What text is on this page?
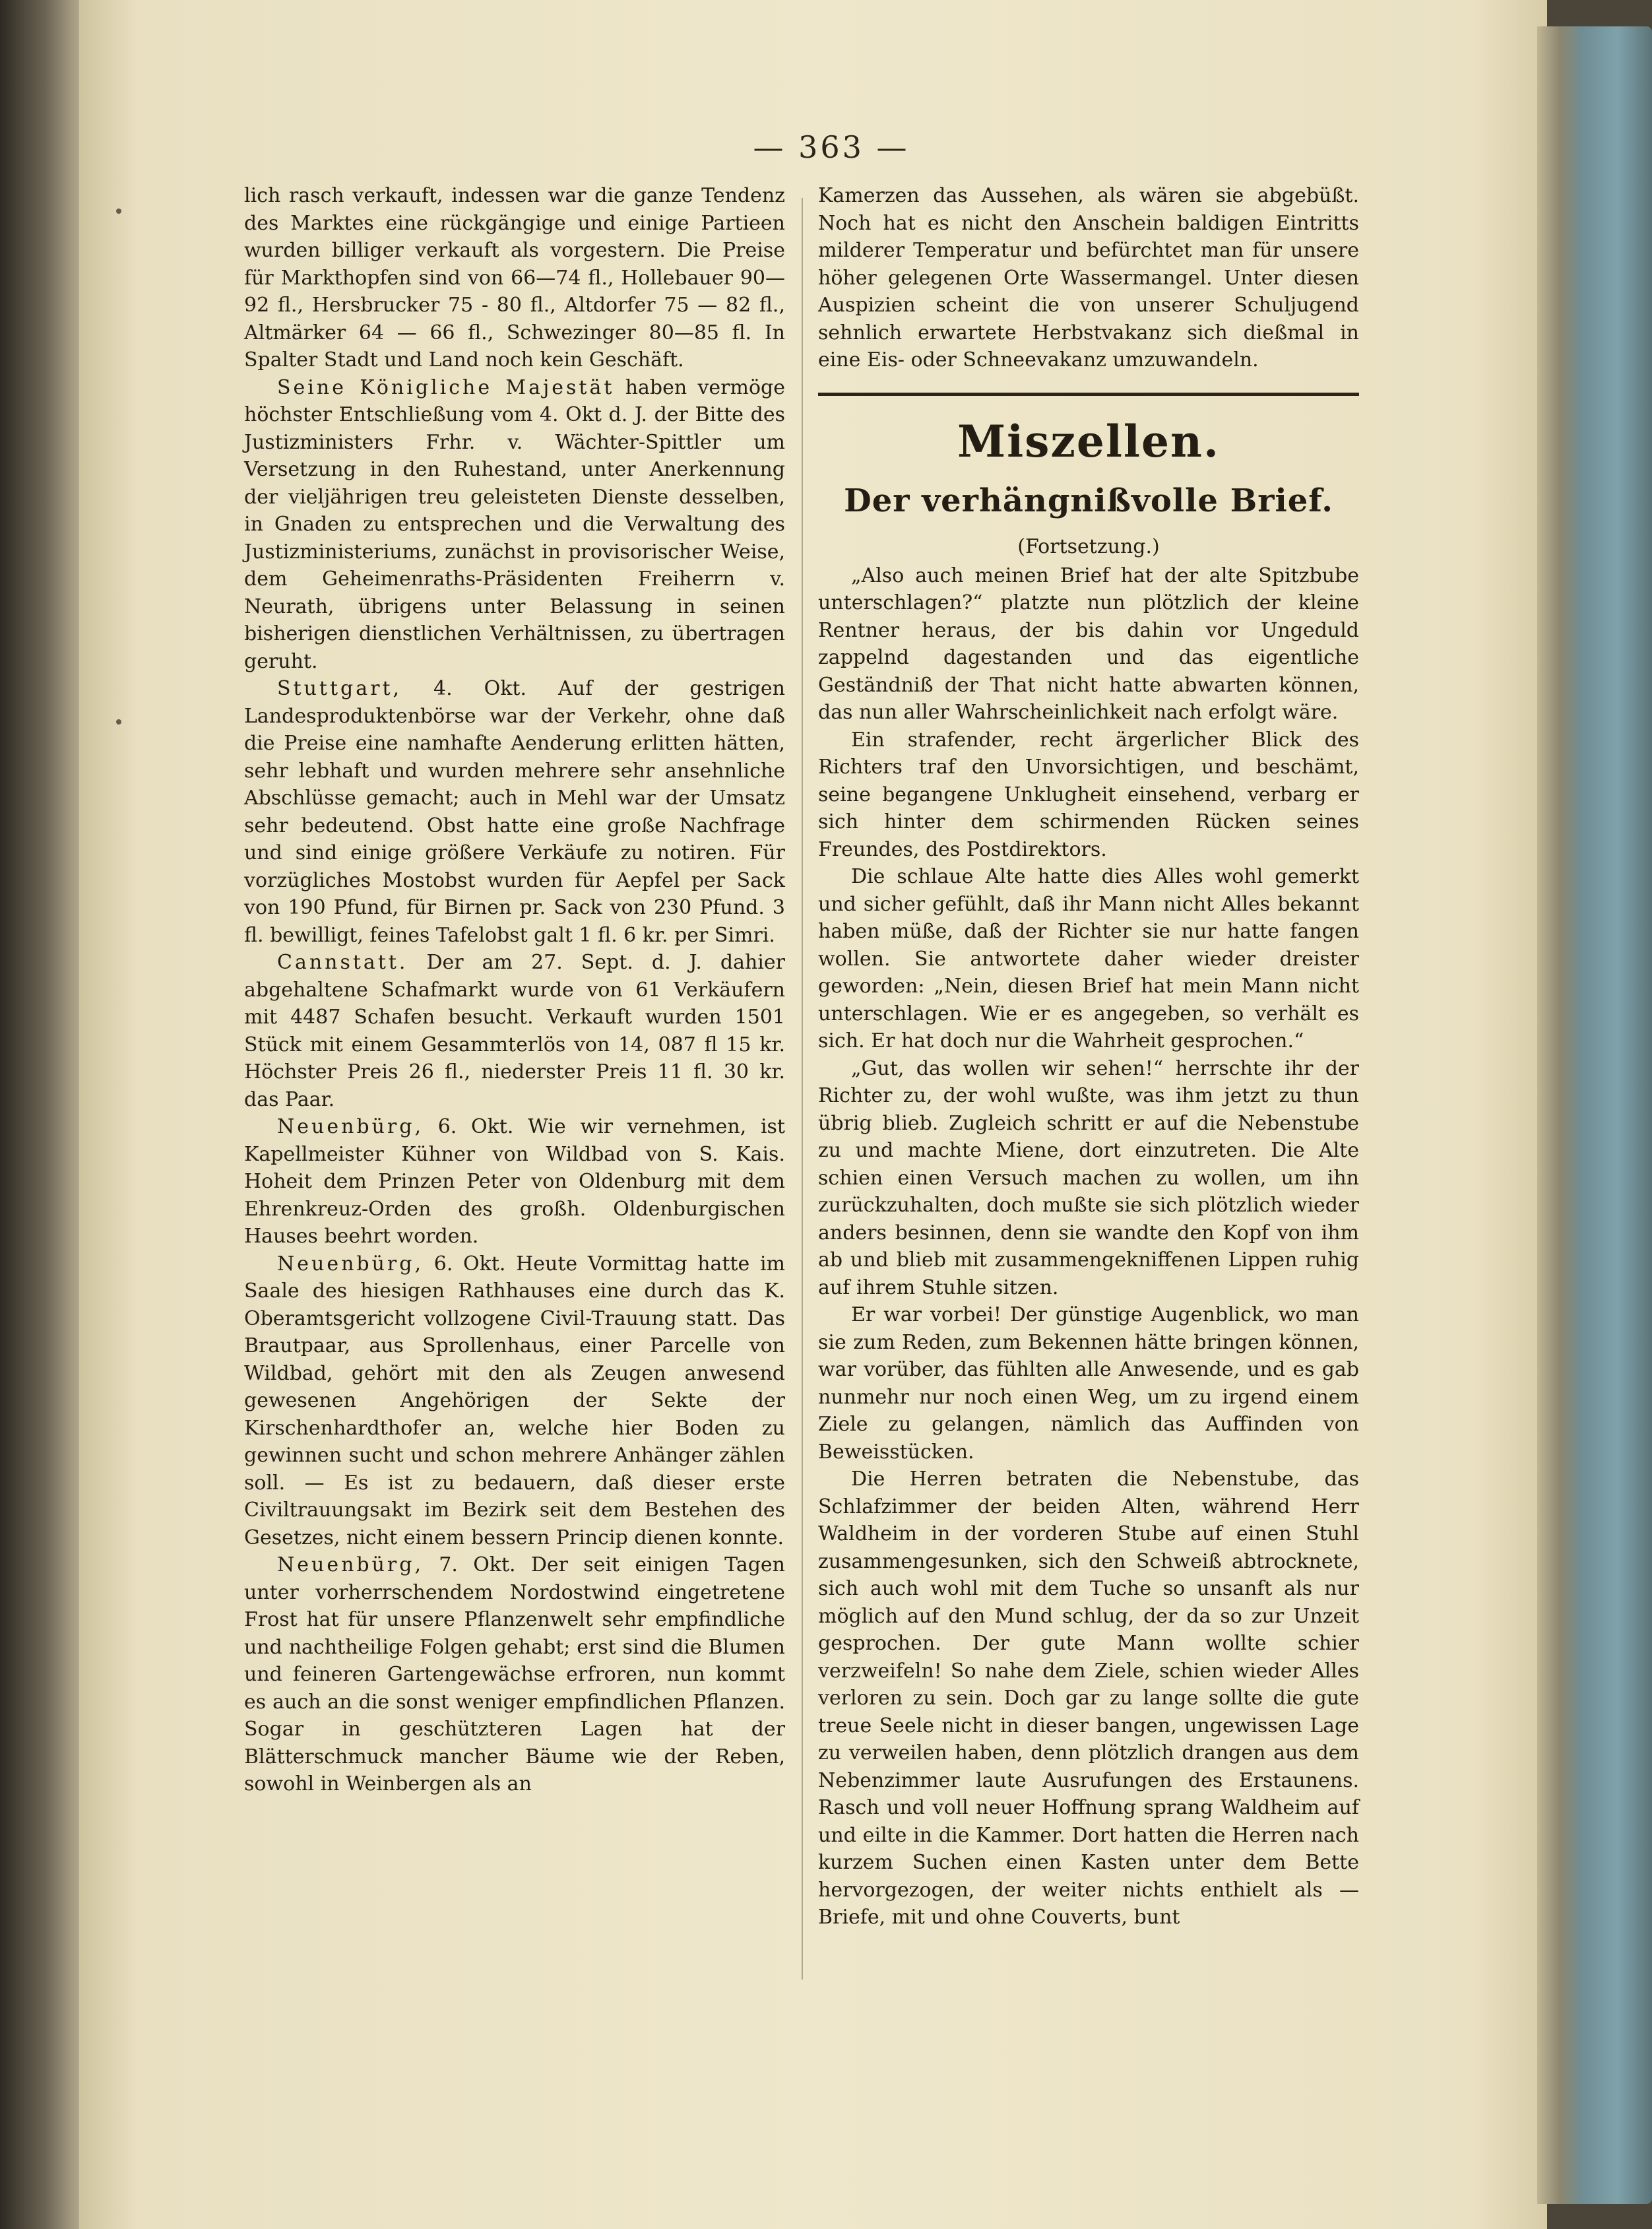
— 363 —

lich rasch verkauft, indessen war die ganze Tendenz des Marktes eine rückgängige und einige Partieen wurden billiger verkauft als vorgestern. Die Preise für Markthopfen sind von 66—74 fl., Hollebauer 90—92 fl., Hersbrucker 75 - 80 fl., Altdorfer 75 — 82 fl., Altmärker 64 — 66 fl., Schwezinger 80—85 fl. In Spalter Stadt und Land noch kein Geschäft.

Seine Königliche Majestät haben vermöge höchster Entschließung vom 4. Okt d. J. der Bitte des Justizministers Frhr. v. Wächter-Spittler um Versetzung in den Ruhestand, unter Anerkennung der vieljährigen treu geleisteten Dienste desselben, in Gnaden zu entsprechen und die Verwaltung des Justizministeriums, zunächst in provisorischer Weise, dem Geheimenraths-Präsidenten Freiherrn v. Neurath, übrigens unter Belassung in seinen bisherigen dienstlichen Verhältnissen, zu übertragen geruht.

Stuttgart, 4. Okt. Auf der gestrigen Landesproduktenbörse war der Verkehr, ohne daß die Preise eine namhafte Aenderung erlitten hätten, sehr lebhaft und wurden mehrere sehr ansehnliche Abschlüsse gemacht; auch in Mehl war der Umsatz sehr bedeutend. Obst hatte eine große Nachfrage und sind einige größere Verkäufe zu notiren. Für vorzügliches Mostobst wurden für Aepfel per Sack von 190 Pfund, für Birnen pr. Sack von 230 Pfund. 3 fl. bewilligt, feines Tafelobst galt 1 fl. 6 kr. per Simri.

Cannstatt. Der am 27. Sept. d. J. dahier abgehaltene Schafmarkt wurde von 61 Verkäufern mit 4487 Schafen besucht. Verkauft wurden 1501 Stück mit einem Gesammterlös von 14, 087 fl 15 kr. Höchster Preis 26 fl., niederster Preis 11 fl. 30 kr. das Paar.

Neuenbürg, 6. Okt. Wie wir vernehmen, ist Kapellmeister Kühner von Wildbad von S. Kais. Hoheit dem Prinzen Peter von Oldenburg mit dem Ehrenkreuz-Orden des großh. Oldenburgischen Hauses beehrt worden.

Neuenbürg, 6. Okt. Heute Vormittag hatte im Saale des hiesigen Rathhauses eine durch das K. Oberamtsgericht vollzogene Civil-Trauung statt. Das Brautpaar, aus Sprollenhaus, einer Parcelle von Wildbad, gehört mit den als Zeugen anwesend gewesenen Angehörigen der Sekte der Kirschenhardthofer an, welche hier Boden zu gewinnen sucht und schon mehrere Anhänger zählen soll. — Es ist zu bedauern, daß dieser erste Civiltrauungsakt im Bezirk seit dem Bestehen des Gesetzes, nicht einem bessern Princip dienen konnte.

Neuenbürg, 7. Okt. Der seit einigen Tagen unter vorherrschendem Nordostwind eingetretene Frost hat für unsere Pflanzenwelt sehr empfindliche und nachtheilige Folgen gehabt; erst sind die Blumen und feineren Gartengewächse erfroren, nun kommt es auch an die sonst weniger empfindlichen Pflanzen. Sogar in geschützteren Lagen hat der Blätterschmuck mancher Bäume wie der Reben, sowohl in Weinbergen als an

Kamerzen das Aussehen, als wären sie abgebüßt. Noch hat es nicht den Anschein baldigen Eintritts milderer Temperatur und befürchtet man für unsere höher gelegenen Orte Wassermangel. Unter diesen Auspizien scheint die von unserer Schuljugend sehnlich erwartete Herbstvakanz sich dießmal in eine Eis- oder Schneevakanz umzuwandeln.

Miszellen.
Der verhängnißvolle Brief.
(Fortsetzung.)

„Also auch meinen Brief hat der alte Spitzbube unterschlagen?“ platzte nun plötzlich der kleine Rentner heraus, der bis dahin vor Ungeduld zappelnd dagestanden und das eigentliche Geständniß der That nicht hatte abwarten können, das nun aller Wahrscheinlichkeit nach erfolgt wäre.

Ein strafender, recht ärgerlicher Blick des Richters traf den Unvorsichtigen, und beschämt, seine begangene Unklugheit einsehend, verbarg er sich hinter dem schirmenden Rücken seines Freundes, des Postdirektors.

Die schlaue Alte hatte dies Alles wohl gemerkt und sicher gefühlt, daß ihr Mann nicht Alles bekannt haben müße, daß der Richter sie nur hatte fangen wollen. Sie antwortete daher wieder dreister geworden: „Nein, diesen Brief hat mein Mann nicht unterschlagen. Wie er es angegeben, so verhält es sich. Er hat doch nur die Wahrheit gesprochen.“

„Gut, das wollen wir sehen!“ herrschte ihr der Richter zu, der wohl wußte, was ihm jetzt zu thun übrig blieb. Zugleich schritt er auf die Nebenstube zu und machte Miene, dort einzutreten. Die Alte schien einen Versuch machen zu wollen, um ihn zurückzuhalten, doch mußte sie sich plötzlich wieder anders besinnen, denn sie wandte den Kopf von ihm ab und blieb mit zusammengekniffenen Lippen ruhig auf ihrem Stuhle sitzen.

Er war vorbei! Der günstige Augenblick, wo man sie zum Reden, zum Bekennen hätte bringen können, war vorüber, das fühlten alle Anwesende, und es gab nunmehr nur noch einen Weg, um zu irgend einem Ziele zu gelangen, nämlich das Auffinden von Beweisstücken.

Die Herren betraten die Nebenstube, das Schlafzimmer der beiden Alten, während Herr Waldheim in der vorderen Stube auf einen Stuhl zusammengesunken, sich den Schweiß abtrocknete, sich auch wohl mit dem Tuche so unsanft als nur möglich auf den Mund schlug, der da so zur Unzeit gesprochen. Der gute Mann wollte schier verzweifeln! So nahe dem Ziele, schien wieder Alles verloren zu sein. Doch gar zu lange sollte die gute treue Seele nicht in dieser bangen, ungewissen Lage zu verweilen haben, denn plötzlich drangen aus dem Nebenzimmer laute Ausrufungen des Erstaunens. Rasch und voll neuer Hoffnung sprang Waldheim auf und eilte in die Kammer. Dort hatten die Herren nach kurzem Suchen einen Kasten unter dem Bette hervorgezogen, der weiter nichts enthielt als — Briefe, mit und ohne Couverts, bunt
